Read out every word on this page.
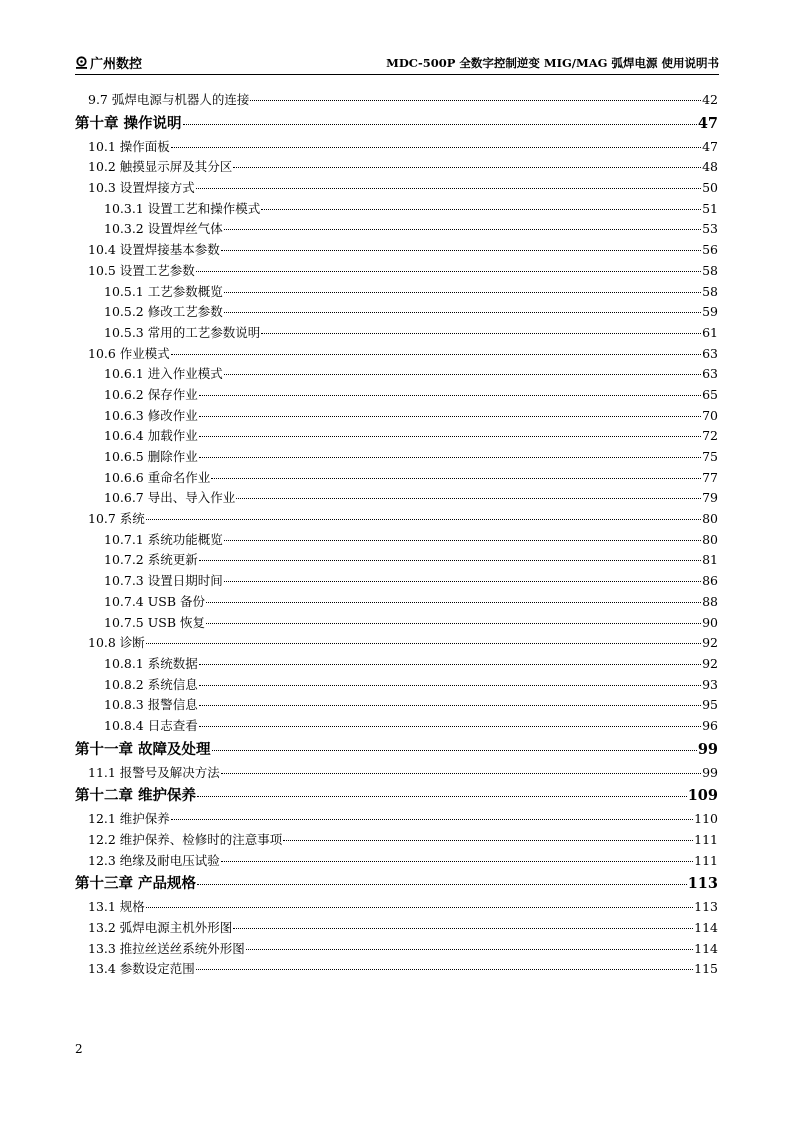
广州数控	MDC-500P 全数字控制逆变 MIG/MAG 弧焊电源 使用说明书
9.7 弧焊电源与机器人的连接	42
第十章 操作说明	47
10.1 操作面板	47
10.2 触摸显示屏及其分区	48
10.3 设置焊接方式	50
10.3.1 设置工艺和操作模式	51
10.3.2 设置焊丝气体	53
10.4 设置焊接基本参数	56
10.5 设置工艺参数	58
10.5.1 工艺参数概览	58
10.5.2 修改工艺参数	59
10.5.3 常用的工艺参数说明	61
10.6 作业模式	63
10.6.1 进入作业模式	63
10.6.2 保存作业	65
10.6.3 修改作业	70
10.6.4 加载作业	72
10.6.5 删除作业	75
10.6.6 重命名作业	77
10.6.7 导出、导入作业	79
10.7 系统	80
10.7.1 系统功能概览	80
10.7.2 系统更新	81
10.7.3 设置日期时间	86
10.7.4 USB 备份	88
10.7.5 USB 恢复	90
10.8 诊断	92
10.8.1 系统数据	92
10.8.2 系统信息	93
10.8.3 报警信息	95
10.8.4 日志查看	96
第十一章 故障及处理	99
11.1 报警号及解决方法	99
第十二章 维护保养	109
12.1 维护保养	110
12.2 维护保养、检修时的注意事项	111
12.3 绝缘及耐电压试验	111
第十三章 产品规格	113
13.1 规格	113
13.2 弧焊电源主机外形图	114
13.3 推拉丝送丝系统外形图	114
13.4 参数设定范围	115
2
